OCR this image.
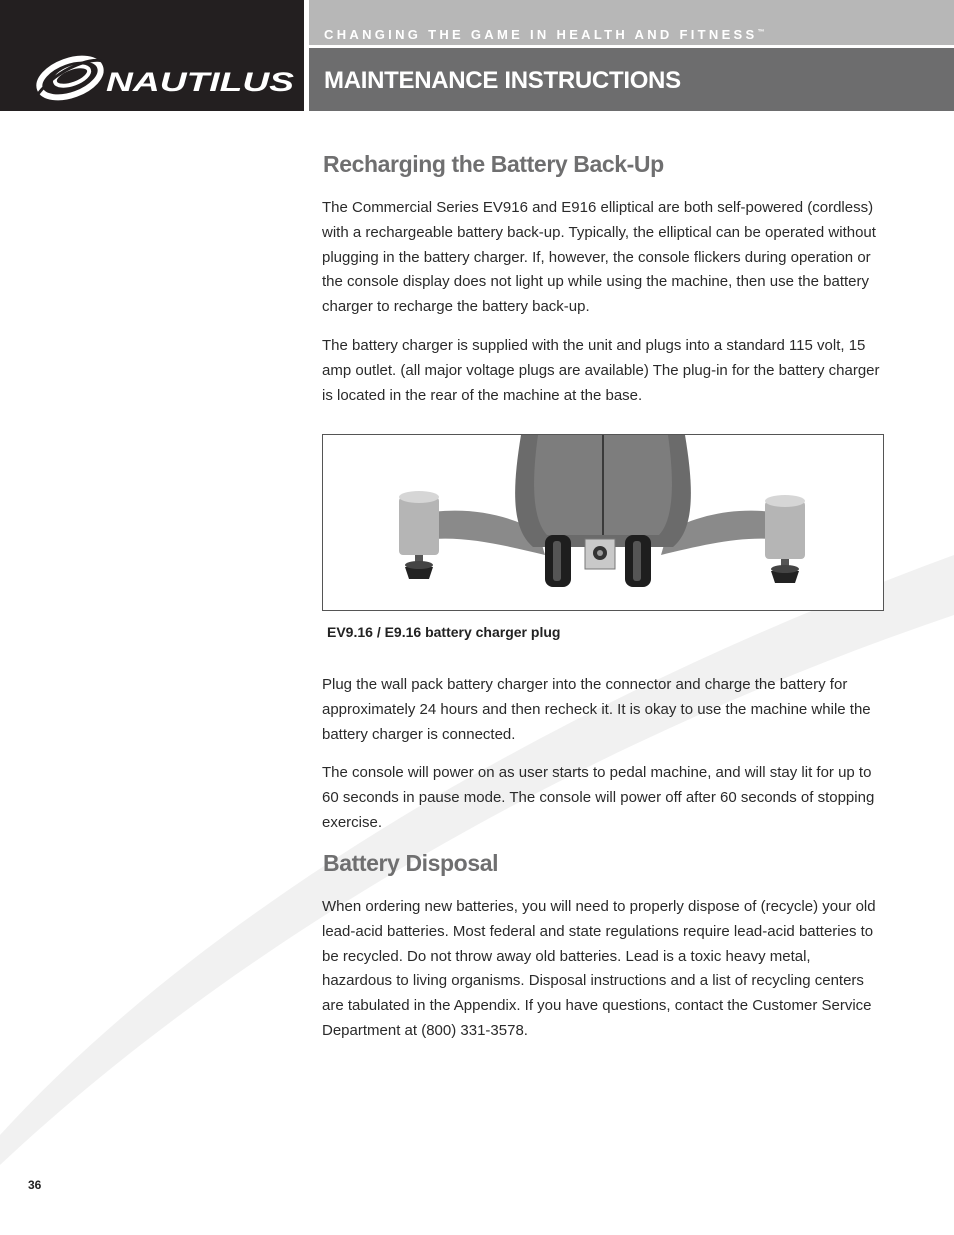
NAUTILUS
CHANGING THE GAME IN HEALTH AND FITNESS™
MAINTENANCE INSTRUCTIONS
Recharging the Battery Back-Up

The Commercial Series EV916 and E916 elliptical are both self-powered (cordless) with a rechargeable battery back-up. Typically, the elliptical can be operated without plugging in the battery charger. If, however, the console flickers during operation or the console display does not light up while using the machine, then use the battery charger to recharge the battery back-up.

The battery charger is supplied with the unit and plugs into a standard 115 volt, 15 amp outlet. (all major voltage plugs are available) The plug-in for the battery charger is located in the rear of the machine at the base.

EV9.16 / E9.16 battery charger plug

Plug the wall pack battery charger into the connector and charge the battery for approximately 24 hours and then recheck it. It is okay to use the machine while the battery charger is connected.

The console will power on as user starts to pedal machine, and will stay lit for up to 60 seconds in pause mode. The console will power off after 60 seconds of stopping exercise.

Battery Disposal

When ordering new batteries, you will need to properly dispose of (recycle) your old lead-acid batteries. Most federal and state regulations require lead-acid batteries to be recycled. Do not throw away old batteries. Lead is a toxic heavy metal, hazardous to living organisms. Disposal instructions and a list of recycling centers are tabulated in the Appendix. If you have questions, contact the Customer Service Department at (800) 331-3578.

36
